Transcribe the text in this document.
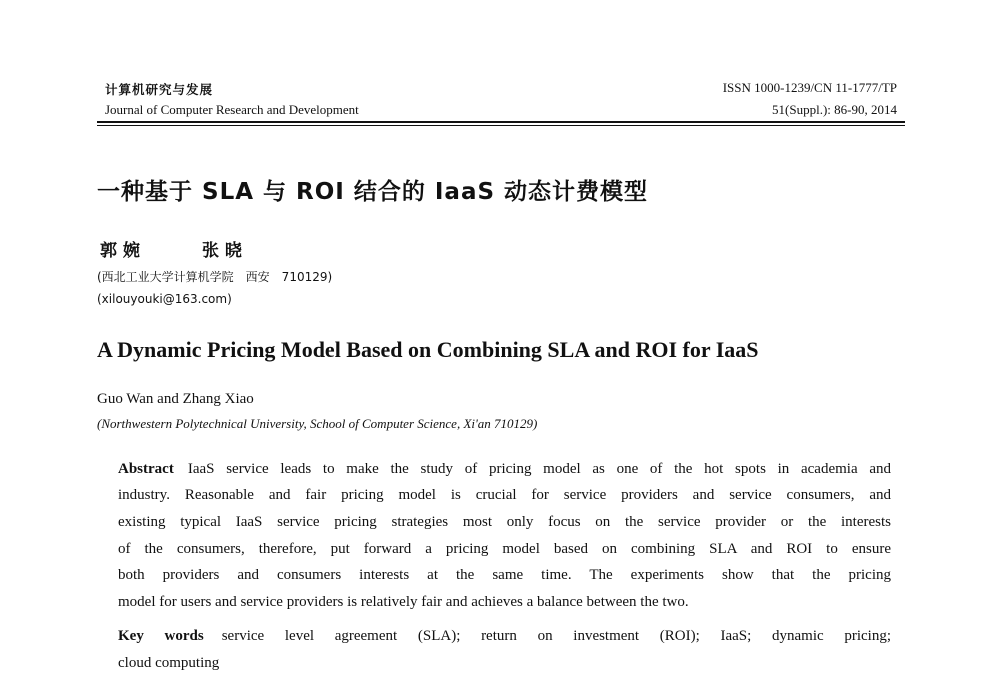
计算机研究与发展
Journal of Computer Research and Development
ISSN 1000-1239/CN 11-1777/TP
51(Suppl.): 86-90, 2014
一种基于 SLA 与 ROI 结合的 IaaS 动态计费模型
郭 婉	张 晓
(西北工业大学计算机学院　西安　710129)
(xilouyouki@163.com)
A Dynamic Pricing Model Based on Combining SLA and ROI for IaaS
Guo Wan and Zhang Xiao
(Northwestern Polytechnical University, School of Computer Science, Xi'an 710129)
Abstract IaaS service leads to make the study of pricing model as one of the hot spots in academia and
industry. Reasonable and fair pricing model is crucial for service providers and service consumers, and
existing typical IaaS service pricing strategies most only focus on the service provider or the interests
of the consumers, therefore, put forward a pricing model based on combining SLA and ROI to ensure
both providers and consumers interests at the same time. The experiments show that the pricing
model for users and service providers is relatively fair and achieves a balance between the two.
Key words service level agreement (SLA); return on investment (ROI); IaaS; dynamic pricing;
cloud computing
